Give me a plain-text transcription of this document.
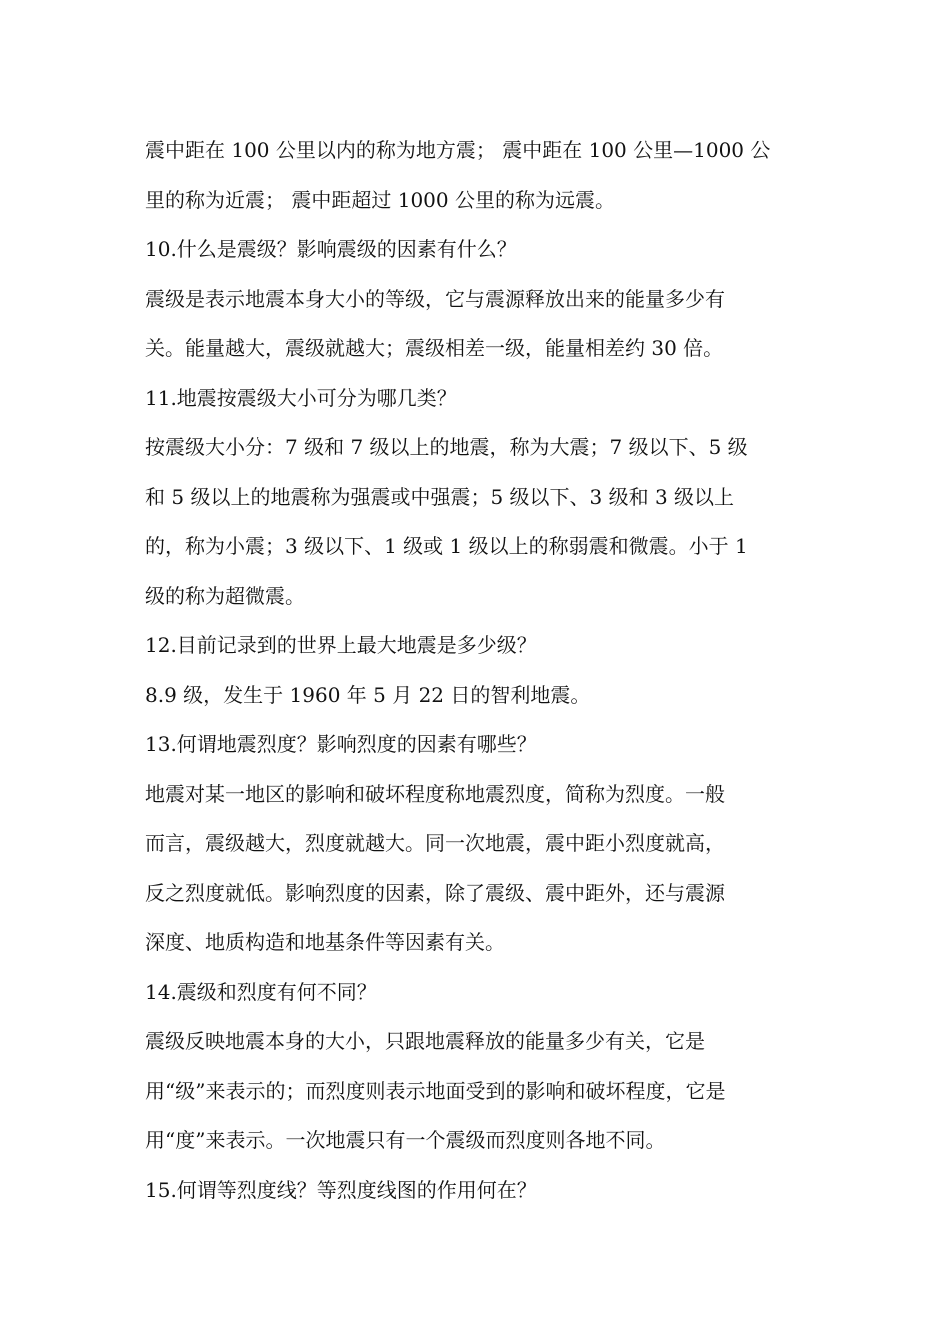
震中距在 100 公里以内的称为地方震； 震中距在 100 公里—1000 公
里的称为近震； 震中距超过 1000 公里的称为远震。
10.什么是震级？影响震级的因素有什么？
震级是表示地震本身大小的等级，它与震源释放出来的能量多少有
关。能量越大，震级就越大；震级相差一级，能量相差约 30 倍。
11.地震按震级大小可分为哪几类？
按震级大小分：7 级和 7 级以上的地震，称为大震；7 级以下、5 级
和 5 级以上的地震称为强震或中强震；5 级以下、3 级和 3 级以上
的，称为小震；3 级以下、1 级或 1 级以上的称弱震和微震。小于 1
级的称为超微震。
12.目前记录到的世界上最大地震是多少级？
8.9 级，发生于 1960 年 5 月 22 日的智利地震。
13.何谓地震烈度？影响烈度的因素有哪些？
地震对某一地区的影响和破坏程度称地震烈度，简称为烈度。一般
而言，震级越大，烈度就越大。同一次地震，震中距小烈度就高，
反之烈度就低。影响烈度的因素，除了震级、震中距外，还与震源
深度、地质构造和地基条件等因素有关。
14.震级和烈度有何不同？
震级反映地震本身的大小，只跟地震释放的能量多少有关，它是
用“级”来表示的；而烈度则表示地面受到的影响和破坏程度，它是
用“度”来表示。一次地震只有一个震级而烈度则各地不同。
15.何谓等烈度线？等烈度线图的作用何在？
